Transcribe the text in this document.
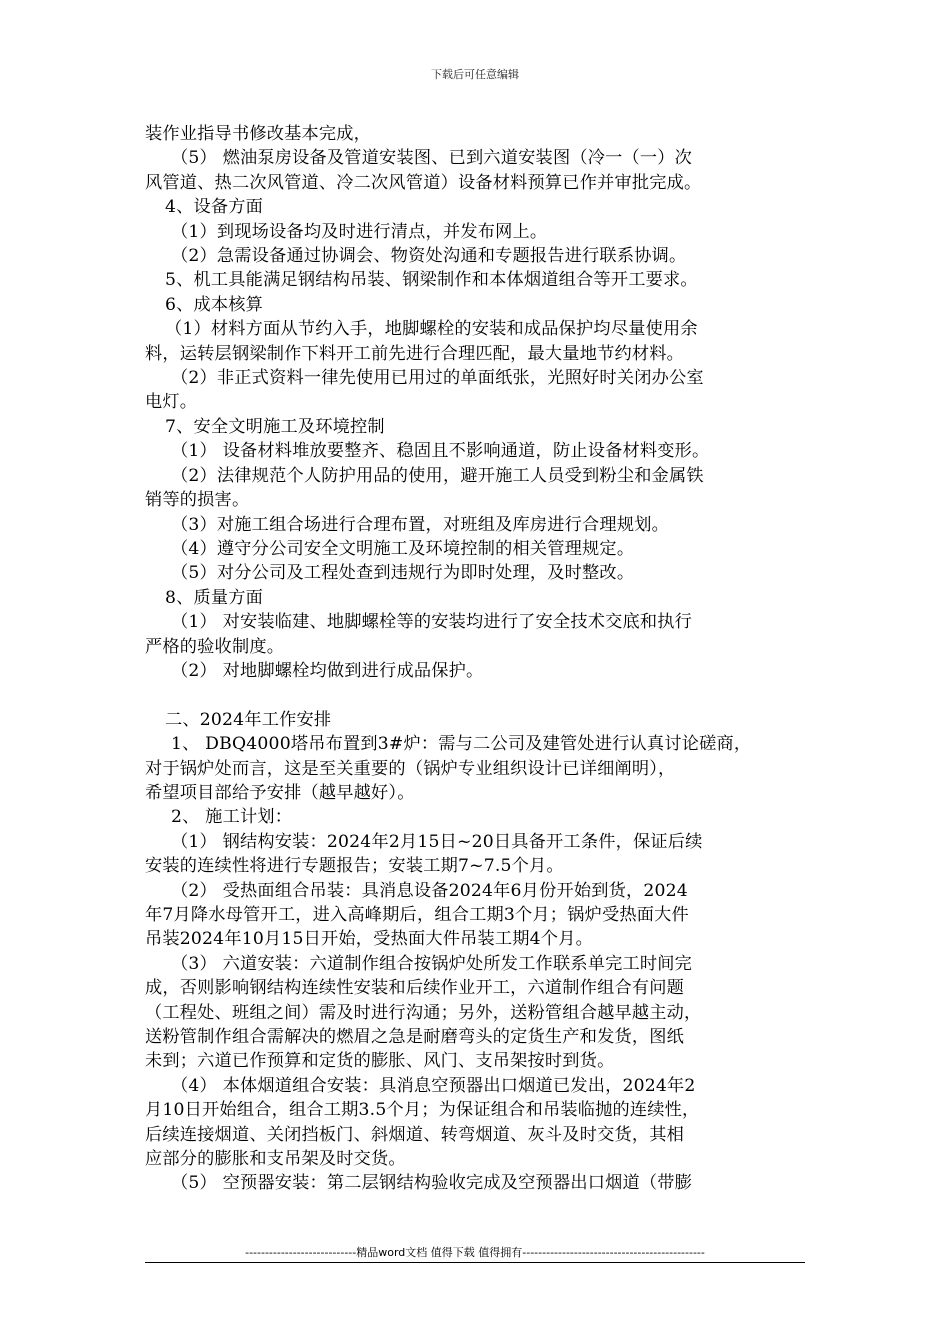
下载后可任意编辑

装作业指导书修改基本完成，

（5） 燃油泵房设备及管道安装图、已到六道安装图（冷一（一）次

风管道、热二次风管道、冷二次风管道）设备材料预算已作并审批完成。

4、设备方面

（1）到现场设备均及时进行清点，并发布网上。

（2）急需设备通过协调会、物资处沟通和专题报告进行联系协调。

5、机工具能满足钢结构吊装、钢梁制作和本体烟道组合等开工要求。

6、成本核算

（1）材料方面从节约入手，地脚螺栓的安装和成品保护均尽量使用余

料，运转层钢梁制作下料开工前先进行合理匹配，最大量地节约材料。

（2）非正式资料一律先使用已用过的单面纸张，光照好时关闭办公室

电灯。

7、安全文明施工及环境控制

（1） 设备材料堆放要整齐、稳固且不影响通道，防止设备材料变形。

（2）法律规范个人防护用品的使用，避开施工人员受到粉尘和金属铁

销等的损害。

（3）对施工组合场进行合理布置，对班组及库房进行合理规划。

（4）遵守分公司安全文明施工及环境控制的相关管理规定。

（5）对分公司及工程处查到违规行为即时处理，及时整改。

8、质量方面

（1） 对安装临建、地脚螺栓等的安装均进行了安全技术交底和执行

严格的验收制度。

（2） 对地脚螺栓均做到进行成品保护。

二、2024年工作安排

1、 DBQ4000塔吊布置到3#炉：需与二公司及建管处进行认真讨论磋商，

对于锅炉处而言，这是至关重要的（锅炉专业组织设计已详细阐明），

希望项目部给予安排（越早越好）。

2、 施工计划：

（1） 钢结构安装：2024年2月15日~20日具备开工条件，保证后续

安装的连续性将进行专题报告；安装工期7~7.5个月。

（2） 受热面组合吊装：具消息设备2024年6月份开始到货，2024

年7月降水母管开工，进入高峰期后，组合工期3个月；锅炉受热面大件

吊装2024年10月15日开始，受热面大件吊装工期4个月。

（3） 六道安装：六道制作组合按锅炉处所发工作联系单完工时间完

成，否则影响钢结构连续性安装和后续作业开工，六道制作组合有问题

（工程处、班组之间）需及时进行沟通；另外，送粉管组合越早越主动，

送粉管制作组合需解决的燃眉之急是耐磨弯头的定货生产和发货，图纸

未到；六道已作预算和定货的膨胀、风门、支吊架按时到货。

（4） 本体烟道组合安装：具消息空预器出口烟道已发出，2024年2

月10日开始组合，组合工期3.5个月；为保证组合和吊装临抛的连续性，

后续连接烟道、关闭挡板门、斜烟道、转弯烟道、灰斗及时交货，其相

应部分的膨胀和支吊架及时交货。

（5） 空预器安装：第二层钢结构验收完成及空预器出口烟道（带膨

----------------------------精品word文档 值得下载 值得拥有----------------------------------------------
